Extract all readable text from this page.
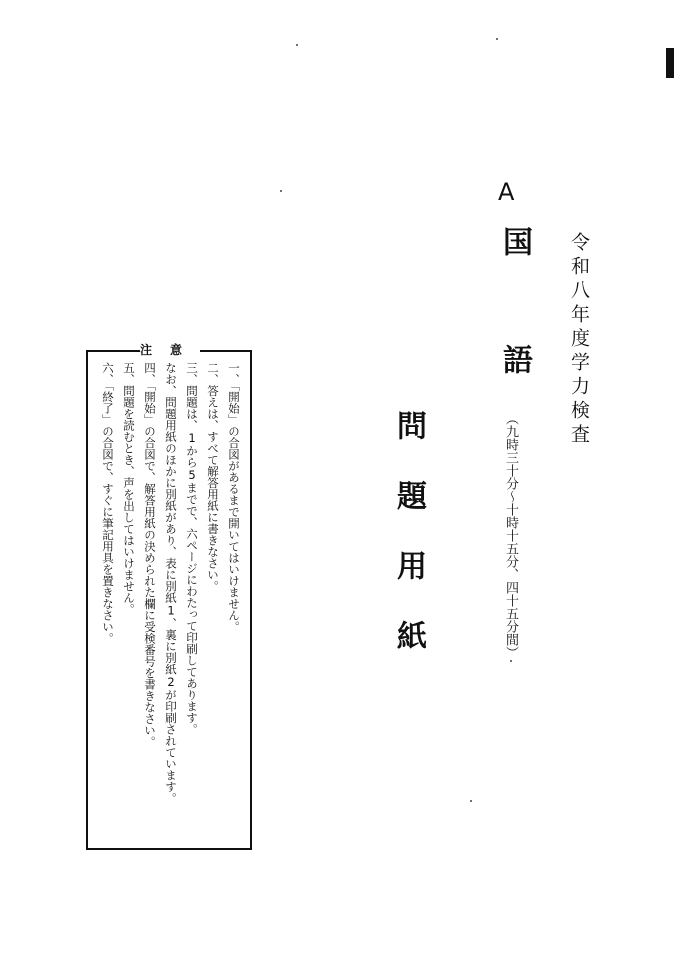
令和八年度学力検査
A
国語
（九時三十分～十時十五分、四十五分間）
問題用紙
注意
一、「開始」の合図があるまで開いてはいけません。
二、答えは、すべて解答用紙に書きなさい。
三、問題は、1から5までで、六ページにわたって印刷してあります。
なお、問題用紙のほかに別紙があり、表に別紙1、裏に別紙2が印刷されています。
四、「開始」の合図で、解答用紙の決められた欄に受検番号を書きなさい。
五、問題を読むとき、声を出してはいけません。
六、「終了」の合図で、すぐに筆記用具を置きなさい。
